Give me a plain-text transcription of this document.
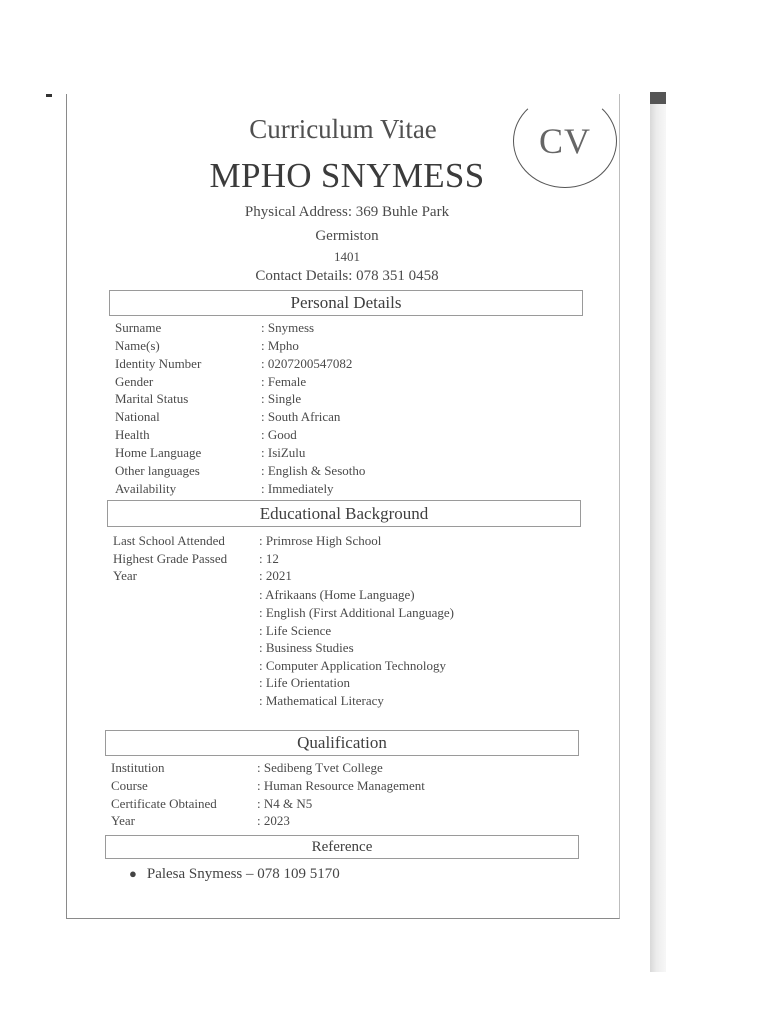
CV
Curriculum Vitae
MPHO SNYMESS
Physical Address: 369 Buhle Park
Germiston
1401
Contact Details: 078 351 0458
Personal Details
Surname	: Snymess
Name(s)	: Mpho
Identity Number	: 0207200547082
Gender	: Female
Marital Status	: Single
National	: South African
Health	: Good
Home Language	: IsiZulu
Other languages	: English & Sesotho
Availability	: Immediately
Educational Background
Last School Attended	: Primrose High School
Highest Grade Passed : 12
Year	: 2021
: Afrikaans (Home Language)
: English (First Additional Language)
: Life Science
: Business Studies
: Computer Application Technology
: Life Orientation
: Mathematical Literacy
Qualification
Institution	: Sedibeng Tvet College
Course	: Human Resource Management
Certificate Obtained	: N4 & N5
Year	: 2023
Reference
● Palesa Snymess – 078 109 5170
